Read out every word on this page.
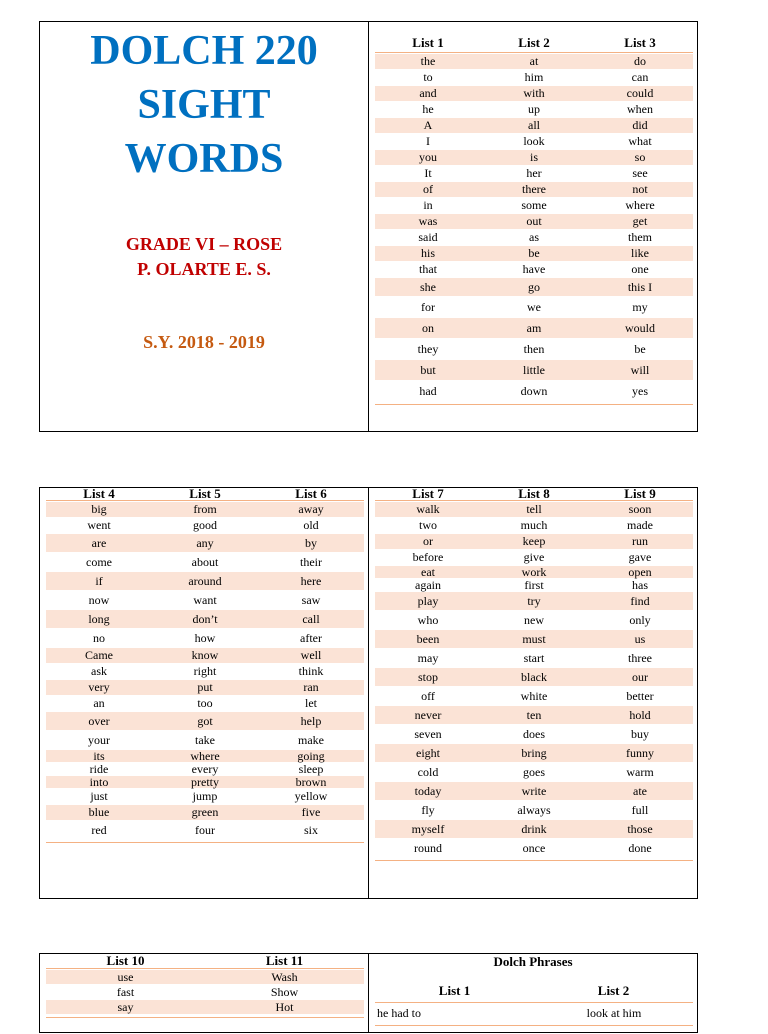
DOLCH 220
SIGHT
WORDS
GRADE VI – ROSE
P. OLARTE E. S.
S.Y. 2018 - 2019
List 1	List 2	List 3
the	at	do
to	him	can
and	with	could
he	up	when
A	all	did
I	look	what
you	is	so
It	her	see
of	there	not
in	some	where
was	out	get
said	as	them
his	be	like
that	have	one
she	go	this I
for	we	my
on	am	would
they	then	be
but	little	will
had	down	yes
List 4	List 5	List 6
big	from	away
went	good	old
are	any	by
come	about	their
if	around	here
now	want	saw
long	don’t	call
no	how	after
Came	know	well
ask	right	think
very	put	ran
an	too	let
over	got	help
your	take	make
its	where	going
ride	every	sleep
into	pretty	brown
just	jump	yellow
blue	green	five
red	four	six
List 7	List 8	List 9
walk	tell	soon
two	much	made
or	keep	run
before	give	gave
eat	work	open
again	first	has
play	try	find
who	new	only
been	must	us
may	start	three
stop	black	our
off	white	better
never	ten	hold
seven	does	buy
eight	bring	funny
cold	goes	warm
today	write	ate
fly	always	full
myself	drink	those
round	once	done
List 10	List 11
use	Wash
fast	Show
say	Hot
Dolch Phrases
List 1	List 2
he had to	look at him
